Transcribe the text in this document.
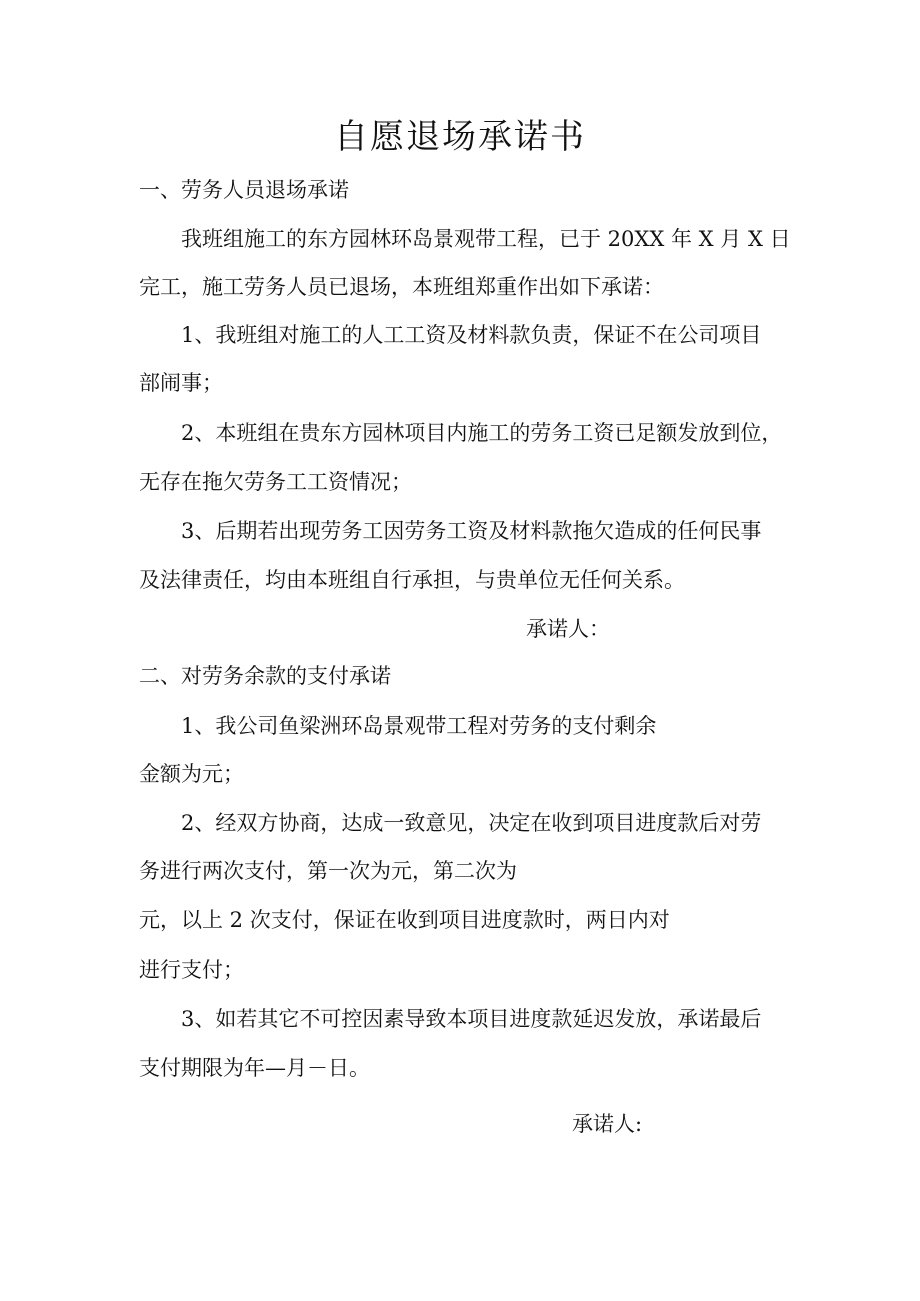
自愿退场承诺书
一、劳务人员退场承诺
我班组施工的东方园林环岛景观带工程，已于 20XX 年 X 月 X 日
完工，施工劳务人员已退场，本班组郑重作出如下承诺：
1、我班组对施工的人工工资及材料款负责，保证不在公司项目
部闹事；
2、本班组在贵东方园林项目内施工的劳务工资已足额发放到位，
无存在拖欠劳务工工资情况；
3、后期若出现劳务工因劳务工资及材料款拖欠造成的任何民事
及法律责任，均由本班组自行承担，与贵单位无任何关系。
承诺人：
二、对劳务余款的支付承诺
1、我公司鱼梁洲环岛景观带工程对劳务的支付剩余
金额为元；
2、经双方协商，达成一致意见，决定在收到项目进度款后对劳
务进行两次支付，第一次为元，第二次为
元，以上 2 次支付，保证在收到项目进度款时，两日内对
进行支付；
3、如若其它不可控因素导致本项目进度款延迟发放，承诺最后
支付期限为年—月－日。
承诺人:
